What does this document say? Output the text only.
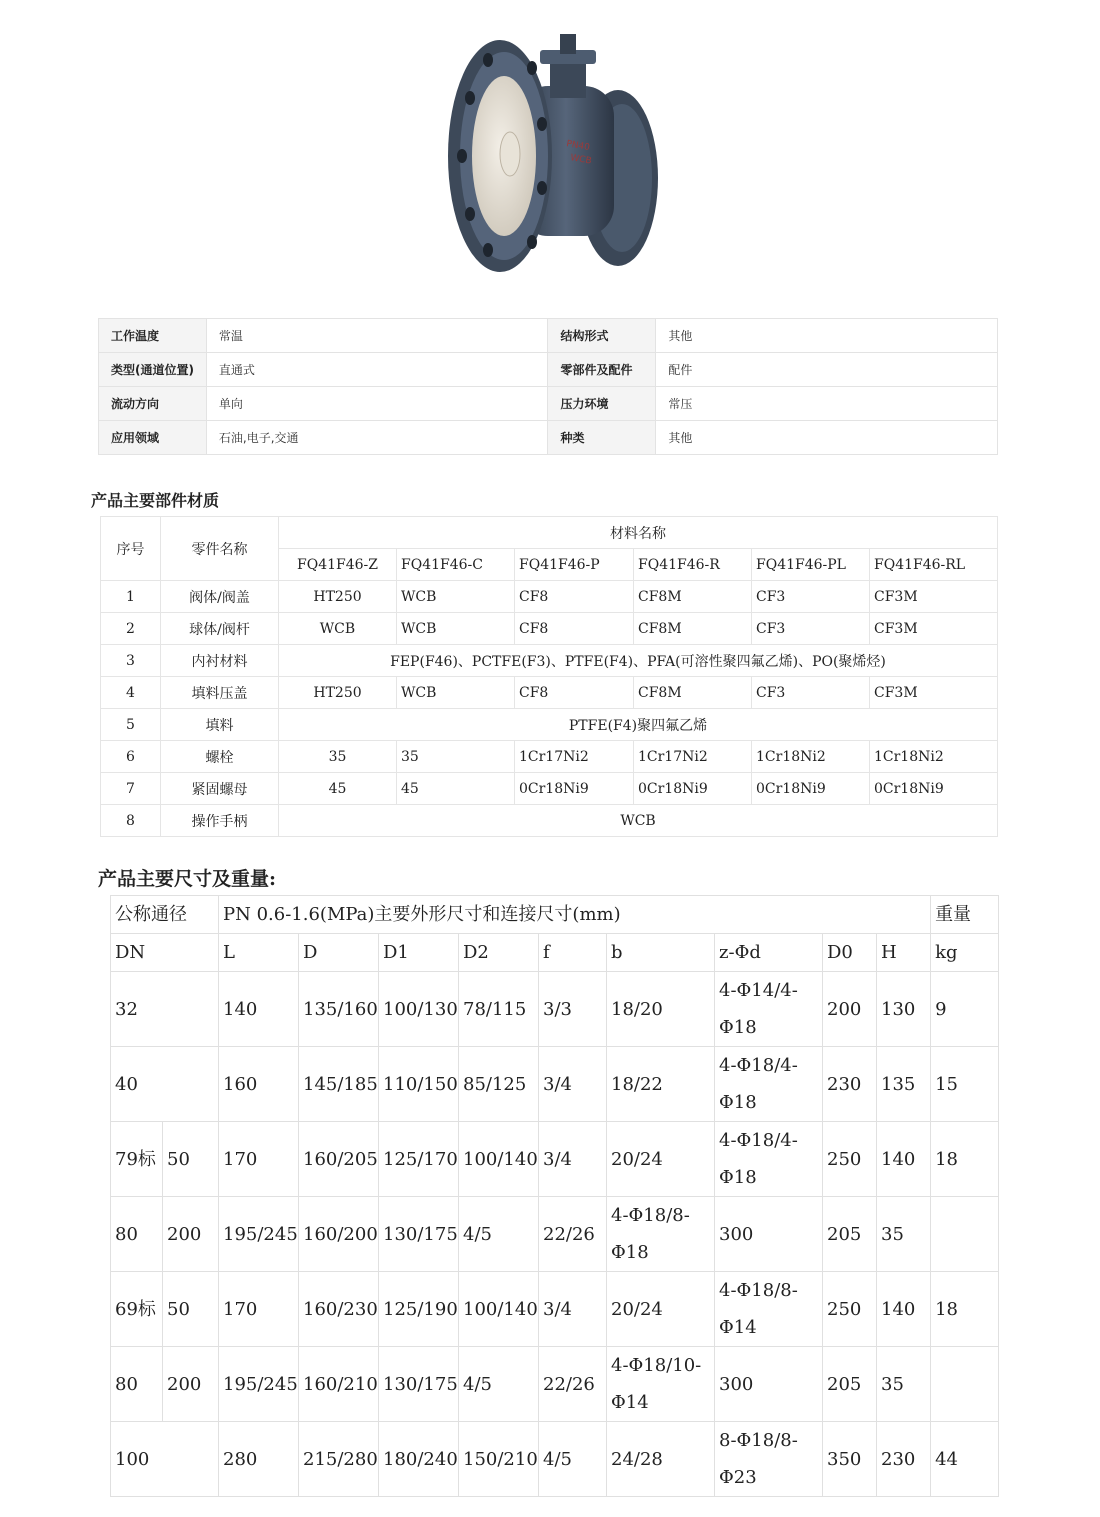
PN40
WCB
工作温度	常温	结构形式	其他
类型(通道位置)	直通式	零部件及配件	配件
流动方向	单向	压力环境	常压
应用领域	石油,电子,交通	种类	其他
产品主要部件材质
序号	零件名称	材料名称					
		FQ41F46-Z	FQ41F46-C	FQ41F46-P	FQ41F46-R	FQ41F46-PL	FQ41F46-RL
1	阀体/阀盖	HT250	WCB	CF8	CF8M	CF3	CF3M
2	球体/阀杆	WCB	WCB	CF8	CF8M	CF3	CF3M
3	内衬材料	FEP(F46)、PCTFE(F3)、PTFE(F4)、PFA(可溶性聚四氟乙烯)、PO(聚烯烃)					
4	填料压盖	HT250	WCB	CF8	CF8M	CF3	CF3M
5	填料	PTFE(F4)聚四氟乙烯					
6	螺栓	35	35	1Cr17Ni2	1Cr17Ni2	1Cr18Ni2	1Cr18Ni2
7	紧固螺母	45	45	0Cr18Ni9	0Cr18Ni9	0Cr18Ni9	0Cr18Ni9
8	操作手柄	WCB					
产品主要尺寸及重量:
公称通径		PN 0.6-1.6(MPa)主要外形尺寸和连接尺寸(mm)									重量
DN		L	D	D1	D2	f	b	z-Φd	D0	H	kg
32		140	135/160	100/130	78/115	3/3	18/20	4-Φ14/4-Φ18	200	130	9
40		160	145/185	110/150	85/125	3/4	18/22	4-Φ18/4-Φ18	230	135	15
79标	50	170	160/205	125/170	100/140	3/4	20/24	4-Φ18/4-Φ18	250	140	18
80	200	195/245	160/200	130/175	4/5	22/26	4-Φ18/8-Φ18	300	205	35	
69标	50	170	160/230	125/190	100/140	3/4	20/24	4-Φ18/8-Φ14	250	140	18
80	200	195/245	160/210	130/175	4/5	22/26	4-Φ18/10-Φ14	300	205	35	
100		280	215/280	180/240	150/210	4/5	24/28	8-Φ18/8-Φ23	350	230	44
